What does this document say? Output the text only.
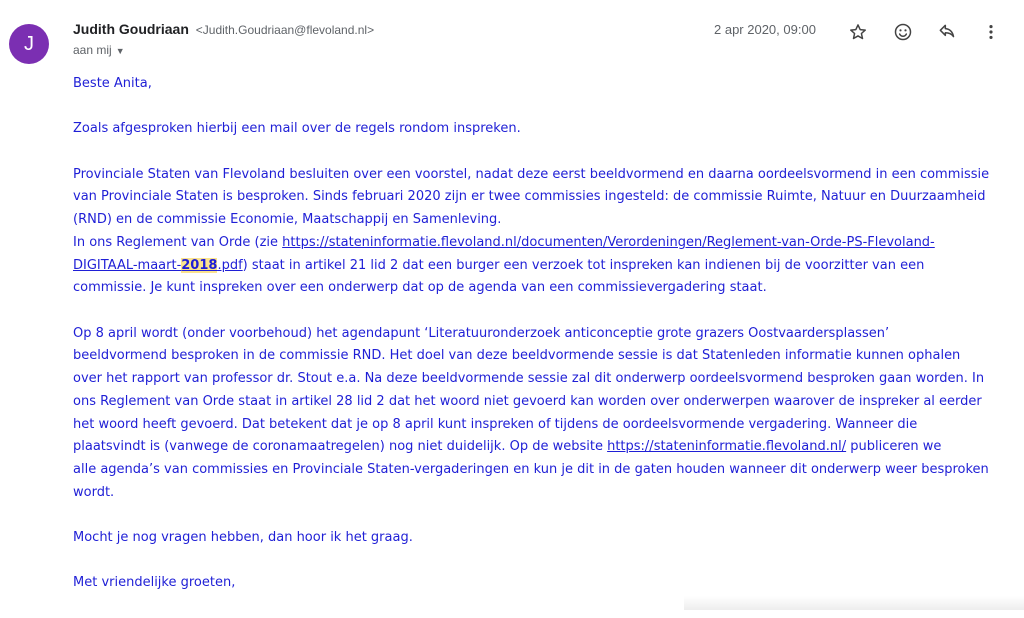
J
Judith Goudriaan <Judith.Goudriaan@flevoland.nl>
aan mij ▼
2 apr 2020, 09:00

Beste Anita,

Zoals afgesproken hierbij een mail over de regels rondom inspreken.

Provinciale Staten van Flevoland besluiten over een voorstel, nadat deze eerst beeldvormend en daarna oordeelsvormend in een commissie
van Provinciale Staten is besproken. Sinds februari 2020 zijn er twee commissies ingesteld: de commissie Ruimte, Natuur en Duurzaamheid
(RND) en de commissie Economie, Maatschappij en Samenleving.
In ons Reglement van Orde (zie https://stateninformatie.flevoland.nl/documenten/Verordeningen/Reglement-van-Orde-PS-Flevoland-
DIGITAAL-maart-2018.pdf) staat in artikel 21 lid 2 dat een burger een verzoek tot inspreken kan indienen bij de voorzitter van een
commissie. Je kunt inspreken over een onderwerp dat op de agenda van een commissievergadering staat.

Op 8 april wordt (onder voorbehoud) het agendapunt ‘Literatuuronderzoek anticonceptie grote grazers Oostvaardersplassen’
beeldvormend besproken in de commissie RND. Het doel van deze beeldvormende sessie is dat Statenleden informatie kunnen ophalen
over het rapport van professor dr. Stout e.a. Na deze beeldvormende sessie zal dit onderwerp oordeelsvormend besproken gaan worden. In
ons Reglement van Orde staat in artikel 28 lid 2 dat het woord niet gevoerd kan worden over onderwerpen waarover de inspreker al eerder
het woord heeft gevoerd. Dat betekent dat je op 8 april kunt inspreken of tijdens de oordeelsvormende vergadering. Wanneer die
plaatsvindt is (vanwege de coronamaatregelen) nog niet duidelijk. Op de website https://stateninformatie.flevoland.nl/ publiceren we
alle agenda’s van commissies en Provinciale Staten-vergaderingen en kun je dit in de gaten houden wanneer dit onderwerp weer besproken
wordt.

Mocht je nog vragen hebben, dan hoor ik het graag.

Met vriendelijke groeten,
